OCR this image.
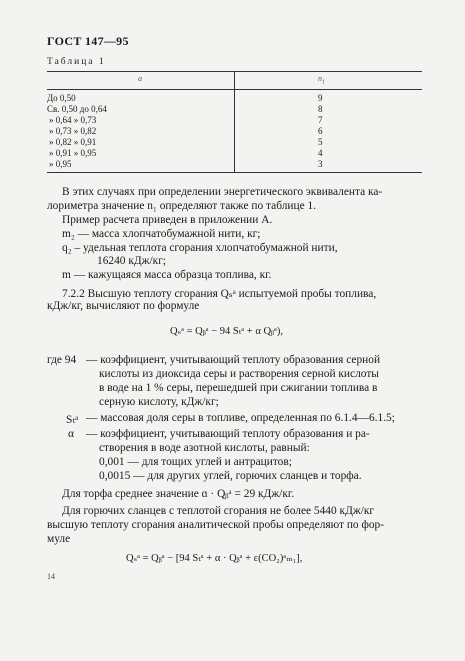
ГОСТ 147—95
Таблица 1
a	$n_1$
До 0,50	9
Св. 0,50 до 0,64	8
» 0,64 » 0,73	7
» 0,73 » 0,82	6
» 0,82 » 0,91	5
» 0,91 » 0,95	4
» 0,95	3
В этих случаях при определении энергетического эквивалента ка-
лориметра значение n₁ определяют также по таблице 1.
Пример расчета приведен в приложении А.
m₂ — масса хлопчатобумажной нити, кг;
q₂ – удельная теплота сгорания хлопчатобумажной нити,
16240 кДж/кг;
m — кажущаяся масса образца топлива, кг.
7.2.2 Высшую теплоту сгорания Qₛᵃ испытуемой пробы топлива,
кДж/кг, вычисляют по формуле
Qₛᵃ = Qᵦᵃ − 94 Sₜᵃ + α Qᵦᵃ),
где 94 — коэффициент, учитывающий теплоту образования серной
кислоты из диоксида серы и растворения серной кислоты
в воде на 1 % серы, перешедшей при сжигании топлива в
серную кислоту, кДж/кг;
Sₜᵃ — массовая доля серы в топливе, определенная по 6.1.4—6.1.5;
α — коэффициент, учитывающий теплоту образования и ра-
створения в воде азотной кислоты, равный:
0,001 — для тощих углей и антрацитов;
0,0015 — для других углей, горючих сланцев и торфа.
Для торфа среднее значение ɑ · Qᵦᵃ = 29 кДж/кг.
Для горючих сланцев с теплотой сгорания не более 5440 кДж/кг
высшую теплоту сгорания аналитической пробы определяют по фор-
муле
Qₛᵃ = Qᵦᵃ − [94 Sₜᵃ + α · Qᵦᵃ + ε(CO₂)ᵃₘ₁],
14
